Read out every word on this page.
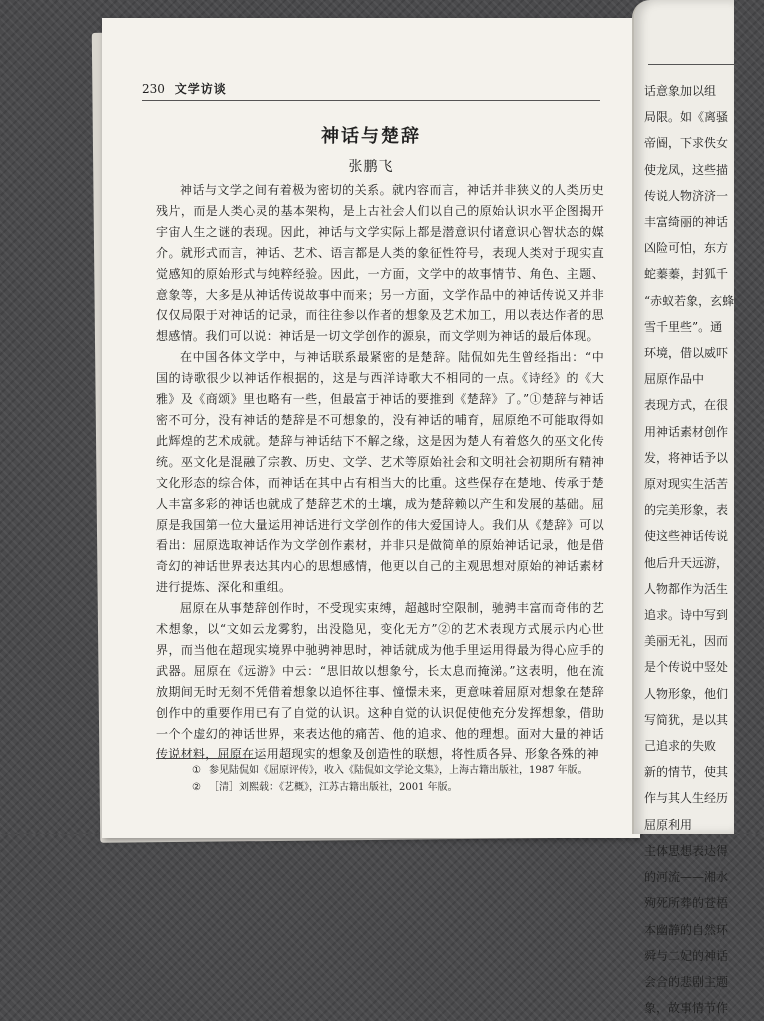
230 文学访谈
神话与楚辞
张鹏飞

神话与文学之间有着极为密切的关系。就内容而言，神话并非狭义的人类历史残片，而是人类心灵的基本架构，是上古社会人们以自己的原始认识水平企图揭开宇宙人生之谜的表现。因此，神话与文学实际上都是潜意识付诸意识心智状态的媒介。就形式而言，神话、艺术、语言都是人类的象征性符号，表现人类对于现实直觉感知的原始形式与纯粹经验。因此，一方面，文学中的故事情节、角色、主题、意象等，大多是从神话传说故事中而来；另一方面，文学作品中的神话传说又并非仅仅局限于对神话的记录，而往往参以作者的想象及艺术加工，用以表达作者的思想感情。我们可以说：神话是一切文学创作的源泉，而文学则为神话的最后体现。

在中国各体文学中，与神话联系最紧密的是楚辞。陆侃如先生曾经指出：“中国的诗歌很少以神话作根据的，这是与西洋诗歌大不相同的一点。《诗经》的《大雅》及《商颂》里也略有一些，但最富于神话的要推到《楚辞》了。”①楚辞与神话密不可分，没有神话的楚辞是不可想象的，没有神话的哺育，屈原绝不可能取得如此辉煌的艺术成就。楚辞与神话结下不解之缘，这是因为楚人有着悠久的巫文化传统。巫文化是混融了宗教、历史、文学、艺术等原始社会和文明社会初期所有精神文化形态的综合体，而神话在其中占有相当大的比重。这些保存在楚地、传承于楚人丰富多彩的神话也就成了楚辞艺术的土壤，成为楚辞赖以产生和发展的基础。屈原是我国第一位大量运用神话进行文学创作的伟大爱国诗人。我们从《楚辞》可以看出：屈原选取神话作为文学创作素材，并非只是做简单的原始神话记录，他是借奇幻的神话世界表达其内心的思想感情，他更以自己的主观思想对原始的神话素材进行提炼、深化和重组。

屈原在从事楚辞创作时，不受现实束缚，超越时空限制，驰骋丰富而奇伟的艺术想象，以“文如云龙雾豹，出没隐见，变化无方”②的艺术表现方式展示内心世界，而当他在超现实境界中驰骋神思时，神话就成为他手里运用得最为得心应手的武器。屈原在《远游》中云：“思旧故以想象兮，长太息而掩涕。”这表明，他在流放期间无时无刻不凭借着想象以追怀往事、憧憬未来，更意味着屈原对想象在楚辞创作中的重要作用已有了自觉的认识。这种自觉的认识促使他充分发挥想象，借助一个个虚幻的神话世界，来表达他的痛苦、他的追求、他的理想。面对大量的神话传说材料，屈原在运用超现实的想象及创造性的联想，将性质各异、形象各殊的神

① 参见陆侃如《屈原评传》，收入《陆侃如文学论文集》，上海古籍出版社，1987 年版。

② ［清］刘熙载：《艺概》，江苏古籍出版社，2001 年版。

话意象加以组
局限。如《离骚
帝阍，下求佚女
使龙凤，这些描
传说人物济济一
丰富绮丽的神话
凶险可怕，东方
蛇蓁蓁，封狐千
“赤蚁若象，玄蜂
雪千里些”。通
环境，借以威吓
屈原作品中
表现方式，在很
用神话素材创作
发，将神话予以
原对现实生活苦
的完美形象，表
使这些神话传说
他后升天远游，
人物都作为活生
追求。诗中写到
美丽无礼，因而
是个传说中竖处
人物形象，他们
写简犹，是以其
己追求的失败
新的情节，使其
作与其人生经历
屈原利用
主体思想表达得
的河流——湘水
殉死所葬的苍梧
本幽静的自然环
舜与二妃的神话
会合的悲剧主题
象，故事情节作
